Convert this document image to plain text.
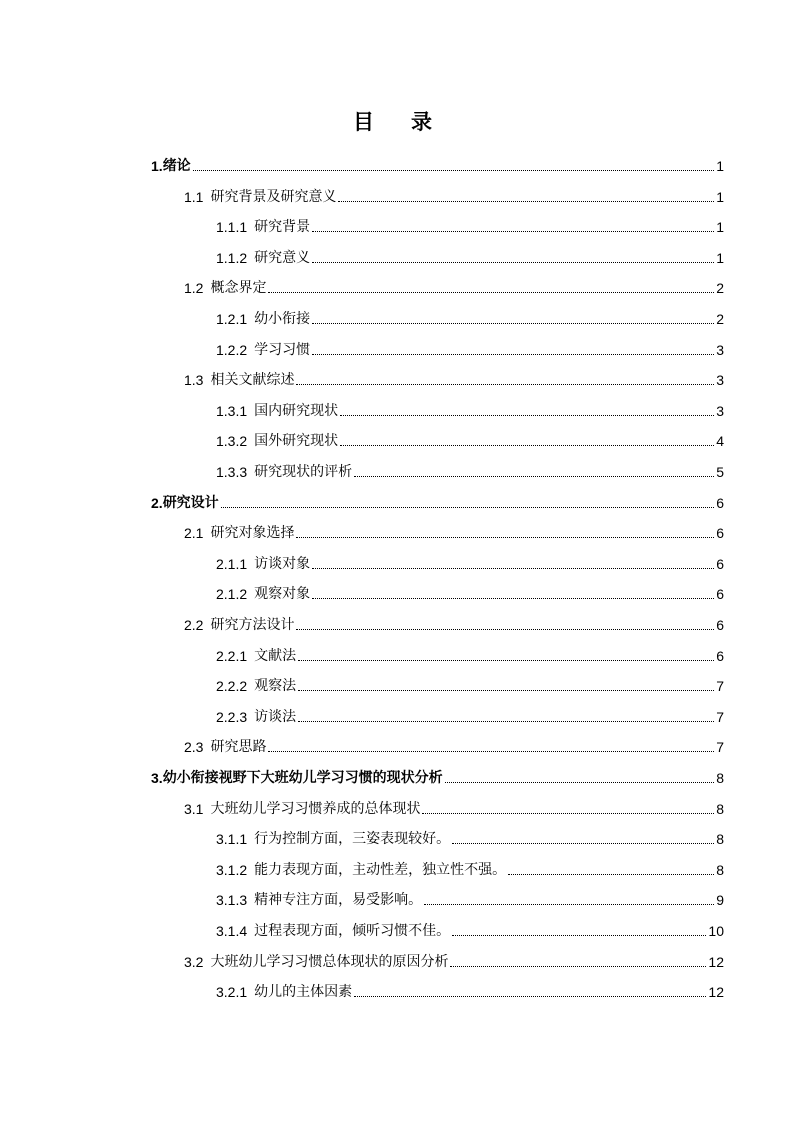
目　录
1. 绪论	1
1.1 研究背景及研究意义	1
1.1.1 研究背景	1
1.1.2 研究意义	1
1.2 概念界定	2
1.2.1 幼小衔接	2
1.2.2 学习习惯	3
1.3 相关文献综述	3
1.3.1 国内研究现状	3
1.3.2 国外研究现状	4
1.3.3 研究现状的评析	5
2. 研究设计	6
2.1 研究对象选择	6
2.1.1 访谈对象	6
2.1.2 观察对象	6
2.2 研究方法设计	6
2.2.1 文献法	6
2.2.2 观察法	7
2.2.3 访谈法	7
2.3 研究思路	7
3. 幼小衔接视野下大班幼儿学习习惯的现状分析	8
3.1 大班幼儿学习习惯养成的总体现状	8
3.1.1 行为控制方面，三姿表现较好。	8
3.1.2 能力表现方面，主动性差，独立性不强。	8
3.1.3 精神专注方面，易受影响。	9
3.1.4 过程表现方面，倾听习惯不佳。	10
3.2 大班幼儿学习习惯总体现状的原因分析	12
3.2.1 幼儿的主体因素	12
